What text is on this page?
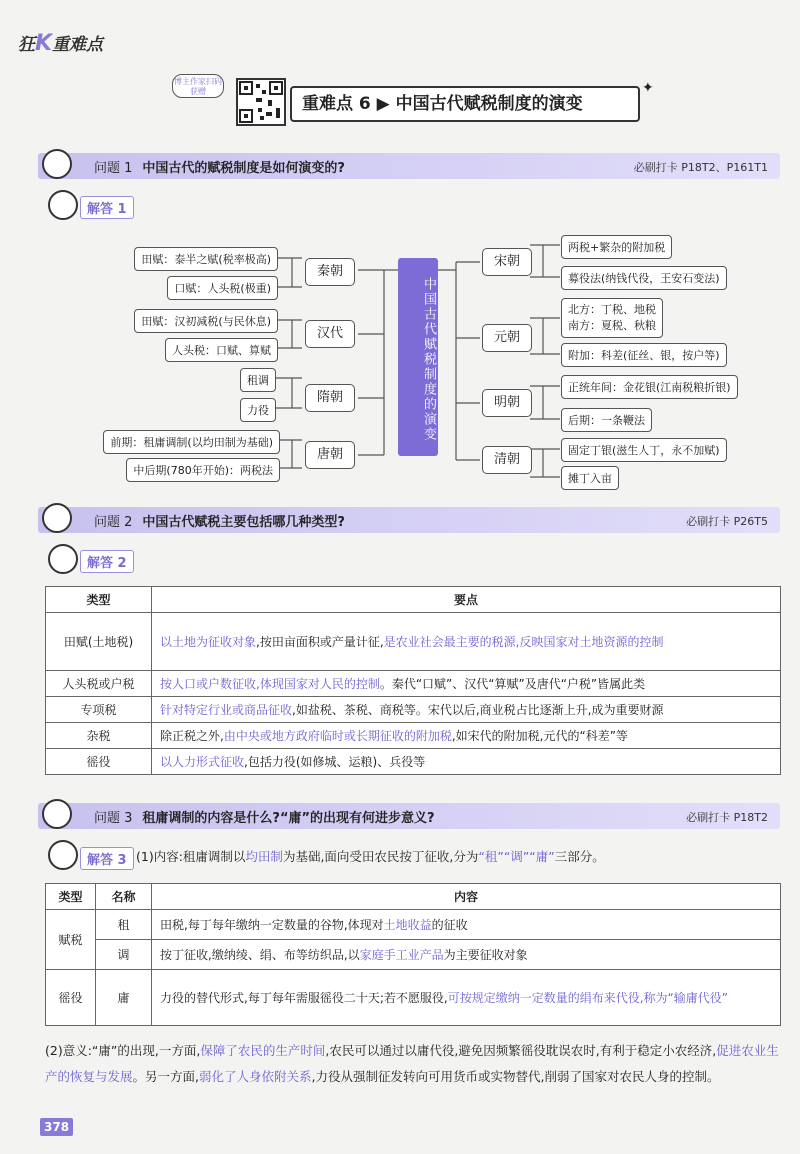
狂K重难点
博主作家扫码获赠
重难点 6 ▶ 中国古代赋税制度的演变
✦
问题 1 中国古代的赋税制度是如何演变的?	必刷打卡 P18T2、P161T1
解答 1
中国古代赋税制度的演变
秦朝
汉代
隋朝
唐朝
田赋：泰半之赋(税率极高)
口赋：人头税(极重)
田赋：汉初减税(与民休息)
人头税：口赋、算赋
租调
力役
前期：租庸调制(以均田制为基础)
中后期(780年开始)：两税法
宋朝
元朝
明朝
清朝
两税+繁杂的附加税
募役法(纳钱代役，王安石变法)
北方：丁税、地税
南方：夏税、秋粮
附加：科差(征丝、银，按户等)
正统年间：金花银(江南税粮折银)
后期：一条鞭法
固定丁银(滋生人丁，永不加赋)
摊丁入亩
问题 2 中国古代赋税主要包括哪几种类型?	必刷打卡 P26T5
解答 2
类型	要点
田赋(土地税)	以土地为征收对象,按田亩面积或产量计征,是农业社会最主要的税源,反映国家对土地资源的控制
人头税或户税	按人口或户数征收,体现国家对人民的控制。秦代“口赋”、汉代“算赋”及唐代“户税”皆属此类
专项税	针对特定行业或商品征收,如盐税、茶税、商税等。宋代以后,商业税占比逐渐上升,成为重要财源
杂税	除正税之外,由中央或地方政府临时或长期征收的附加税,如宋代的附加税,元代的“科差”等
徭役	以人力形式征收,包括力役(如修城、运粮)、兵役等
问题 3 租庸调制的内容是什么?“庸”的出现有何进步意义?	必刷打卡 P18T2
解答 3 (1)内容:租庸调制以均田制为基础,面向受田农民按丁征收,分为“租”“调”“庸”三部分。
类型	名称	内容
赋税	租	田税,每丁每年缴纳一定数量的谷物,体现对土地收益的征收
	调	按丁征收,缴纳绫、绢、布等纺织品,以家庭手工业产品为主要征收对象
徭役	庸	力役的替代形式,每丁每年需服徭役二十天;若不愿服役,可按规定缴纳一定数量的绢布来代役,称为“输庸代役”
(2)意义:“庸”的出现,一方面,保障了农民的生产时间,农民可以通过以庸代役,避免因频繁徭役耽误农时,有利于稳定小农经济,促进农业生产的恢复与发展。另一方面,弱化了人身依附关系,力役从强制征发转向可用货币或实物替代,削弱了国家对农民人身的控制。
378
